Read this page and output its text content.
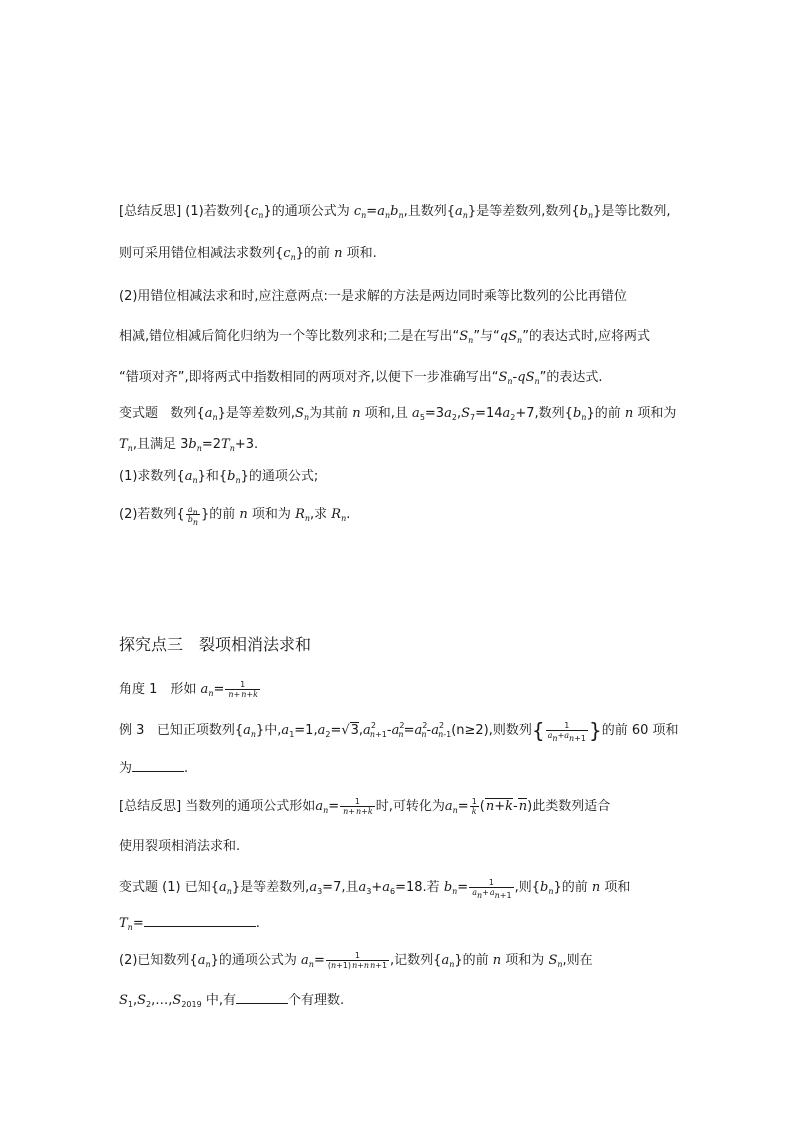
[总结反思] (1)若数列$\{c_n\}$的通项公式为 $c_n=a_nb_n$,且数列$\{a_n\}$是等差数列,数列$\{b_n\}$是等比数列,
则可采用错位相减法求数列$\{c_n\}$的前 n 项和.
(2)用错位相减法求和时,应注意两点:一是求解的方法是两边同时乘等比数列的公比再错位
相减,错位相减后简化归纳为一个等比数列求和;二是在写出“$S_n$”与“$qS_n$”的表达式时,应将两式
“错项对齐”,即将两式中指数相同的两项对齐,以便下一步准确写出“$S_n-qS_n$”的表达式.
变式题 数列$\{a_n\}$是等差数列$,S_n$为其前 n 项和,且 $a_5=3a_2,S_7=14a_2+7$,数列$\{b_n\}$的前 n 项和为
$T_n$,且满足 $3b_n=2T_n+3$.
(1)求数列$\{a_n\}$和$\{b_n\}$的通项公式;
(2)若数列{ $\frac{a_n}{b_n}$ }的前 n 项和为 $R_n$,求 $R_n$.
探究点三　裂项相消法求和
角度 1　形如 $a_n= \frac{1}{n+n+k}$
例 3 已知正项数列$\{a_n\}$中$,a_1=1,a_2=√3,a^2_{n+1}-a^2_n=a^2_n-a^2_{n-1}(n\ge 2)$,则数列{ $\frac{1}{a_n+a_{n+1}}$ }的前 60 项和
为	.
[总结反思] 当数列的通项公式形如$a_n= \frac{1}{n+n+k}$ 时,可转化为$a_n= \frac{1}{k} (n+k-n)$此类数列适合
使用裂项相消法求和.
变式题 (1) 已知$\{a_n\}$是等差数列$,a_3=7$,且$a_3+a_6=18$.若 $b_n= \frac{1}{a_n+a_{n+1}}$ ,则$\{b_n\}$的前 n 项和
$T_n=$	.
(2)已知数列$\{a_n\}$的通项公式为 $a_n= \frac{1}{(n+1)n+nn+1}$ ,记数列$\{a_n\}$的前 n 项和为 $S_n$,则在
$S_1,S_2,\dots,S_{2019}$ 中,有	个有理数.
